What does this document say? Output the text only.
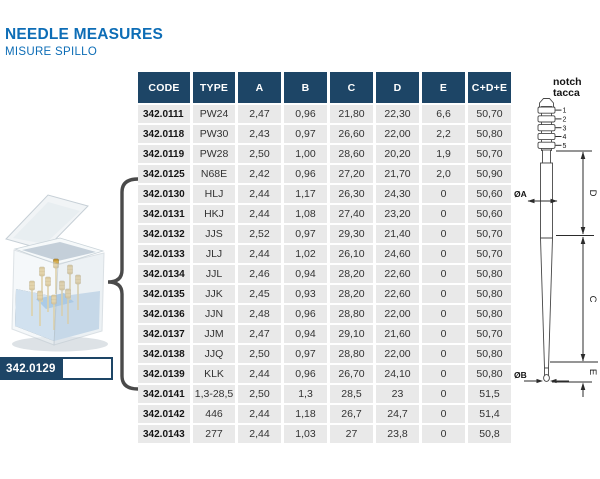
NEEDLE MEASURES
MISURE SPILLO
CODE	TYPE	A	B	C	D	E	C+D+E
342.0111	PW24	2,47	0,96	21,80	22,30	6,6	50,70
342.0118	PW30	2,43	0,97	26,60	22,00	2,2	50,80
342.0119	PW28	2,50	1,00	28,60	20,20	1,9	50,70
342.0125	N68E	2,42	0,96	27,20	21,70	2,0	50,90
342.0130	HLJ	2,44	1,17	26,30	24,30	0	50,60
342.0131	HKJ	2,44	1,08	27,40	23,20	0	50,60
342.0132	JJS	2,52	0,97	29,30	21,40	0	50,70
342.0133	JLJ	2,44	1,02	26,10	24,60	0	50,70
342.0134	JJL	2,46	0,94	28,20	22,60	0	50,80
342.0135	JJK	2,45	0,93	28,20	22,60	0	50,80
342.0136	JJN	2,48	0,96	28,80	22,00	0	50,80
342.0137	JJM	2,47	0,94	29,10	21,60	0	50,70
342.0138	JJQ	2,50	0,97	28,80	22,00	0	50,80
342.0139	KLK	2,44	0,96	26,70	24,10	0	50,80
342.0141 1,3-28,5	2,50	1,3	28,5	23	0	51,5
342.0142	446	2,44	1,18	26,7	24,7	0	51,4
342.0143	277	2,44	1,03	27	23,8	0	50,8
342.0129
notch
tacca
1
2
3
4
5
D
C
E
ØA
ØB
